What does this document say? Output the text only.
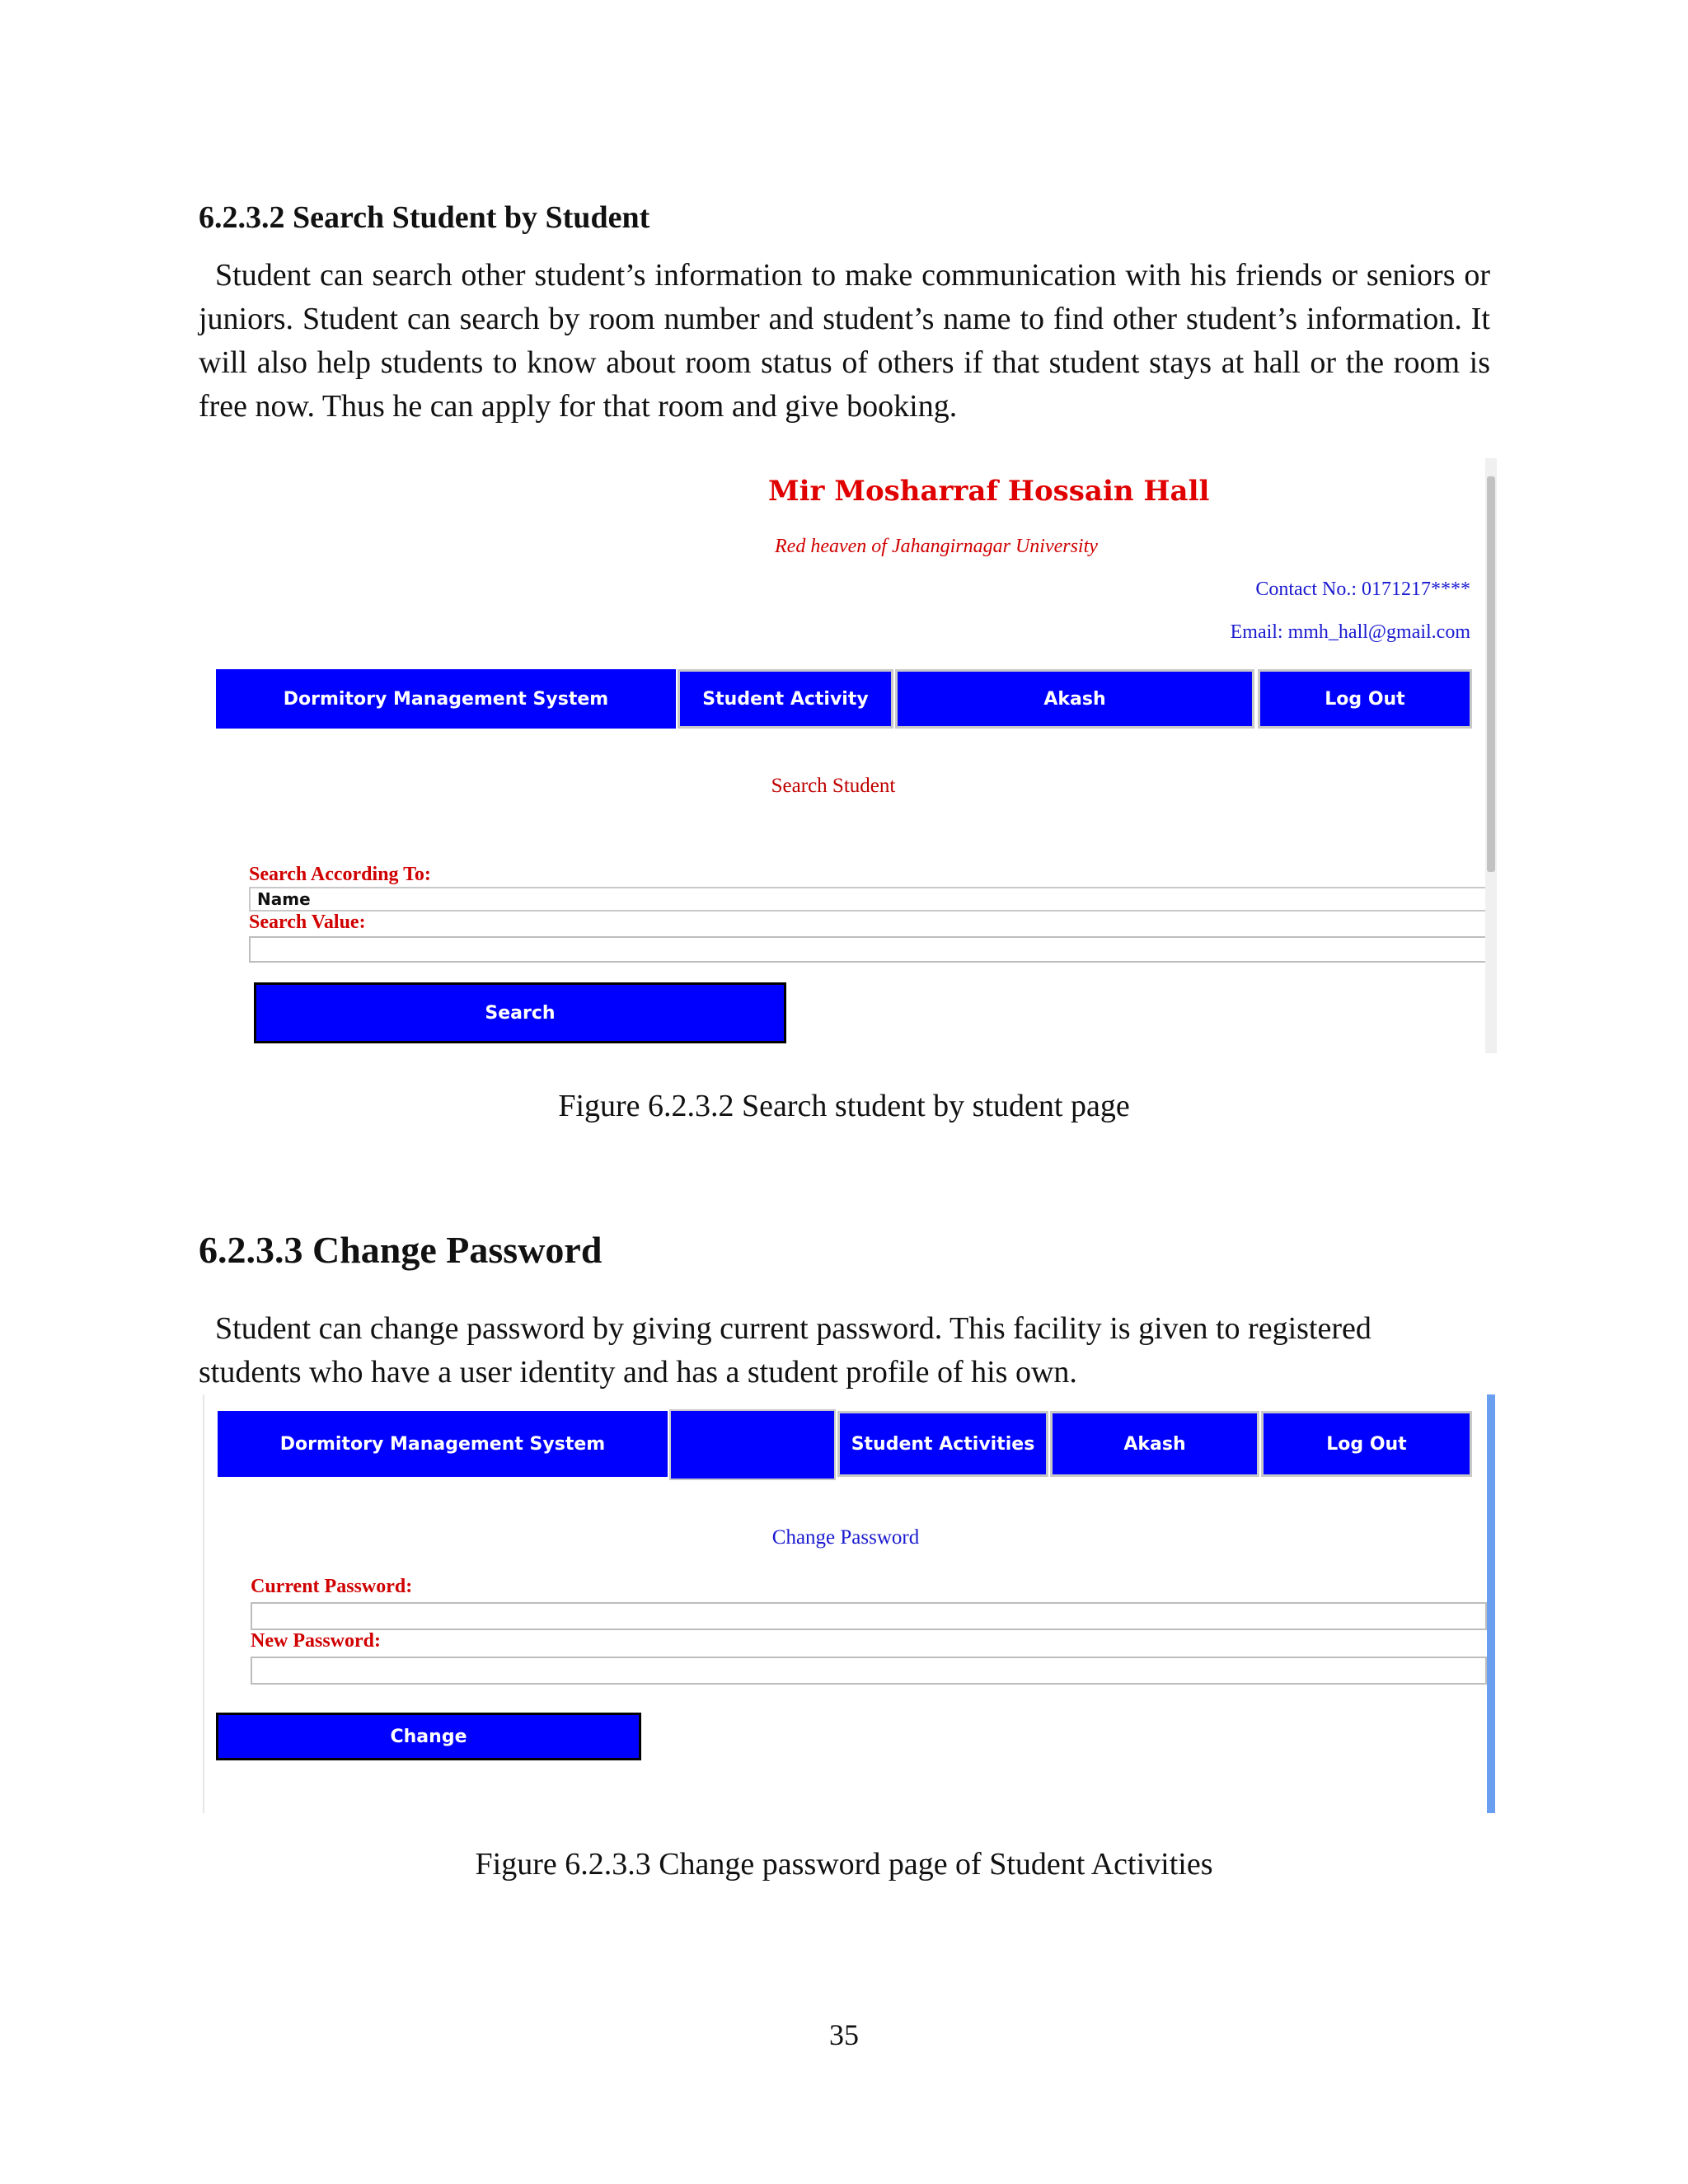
6.2.3.2 Search Student by Student
Student can search other student’s information to make communication with his friends or seniors or juniors. Student can search by room number and student’s name to find other student’s information. It will also help students to know about room status of others if that student stays at hall or the room is free now. Thus he can apply for that room and give booking.
Mir Mosharraf Hossain Hall
Red heaven of Jahangirnagar University
Contact No.: 0171217****
Email: mmh_hall@gmail.com
Dormitory Management System	Student Activity	Akash	Log Out
Search Student
Search According To:
Name
Search Value:
Search
Figure 6.2.3.2 Search student by student page
6.2.3.3 Change Password
Student can change password by giving current password. This facility is given to registered students who have a user identity and has a student profile of his own.
Dormitory Management System	Student Activities	Akash	Log Out
Change Password
Current Password:
New Password:
Change
Figure 6.2.3.3 Change password page of Student Activities
35
